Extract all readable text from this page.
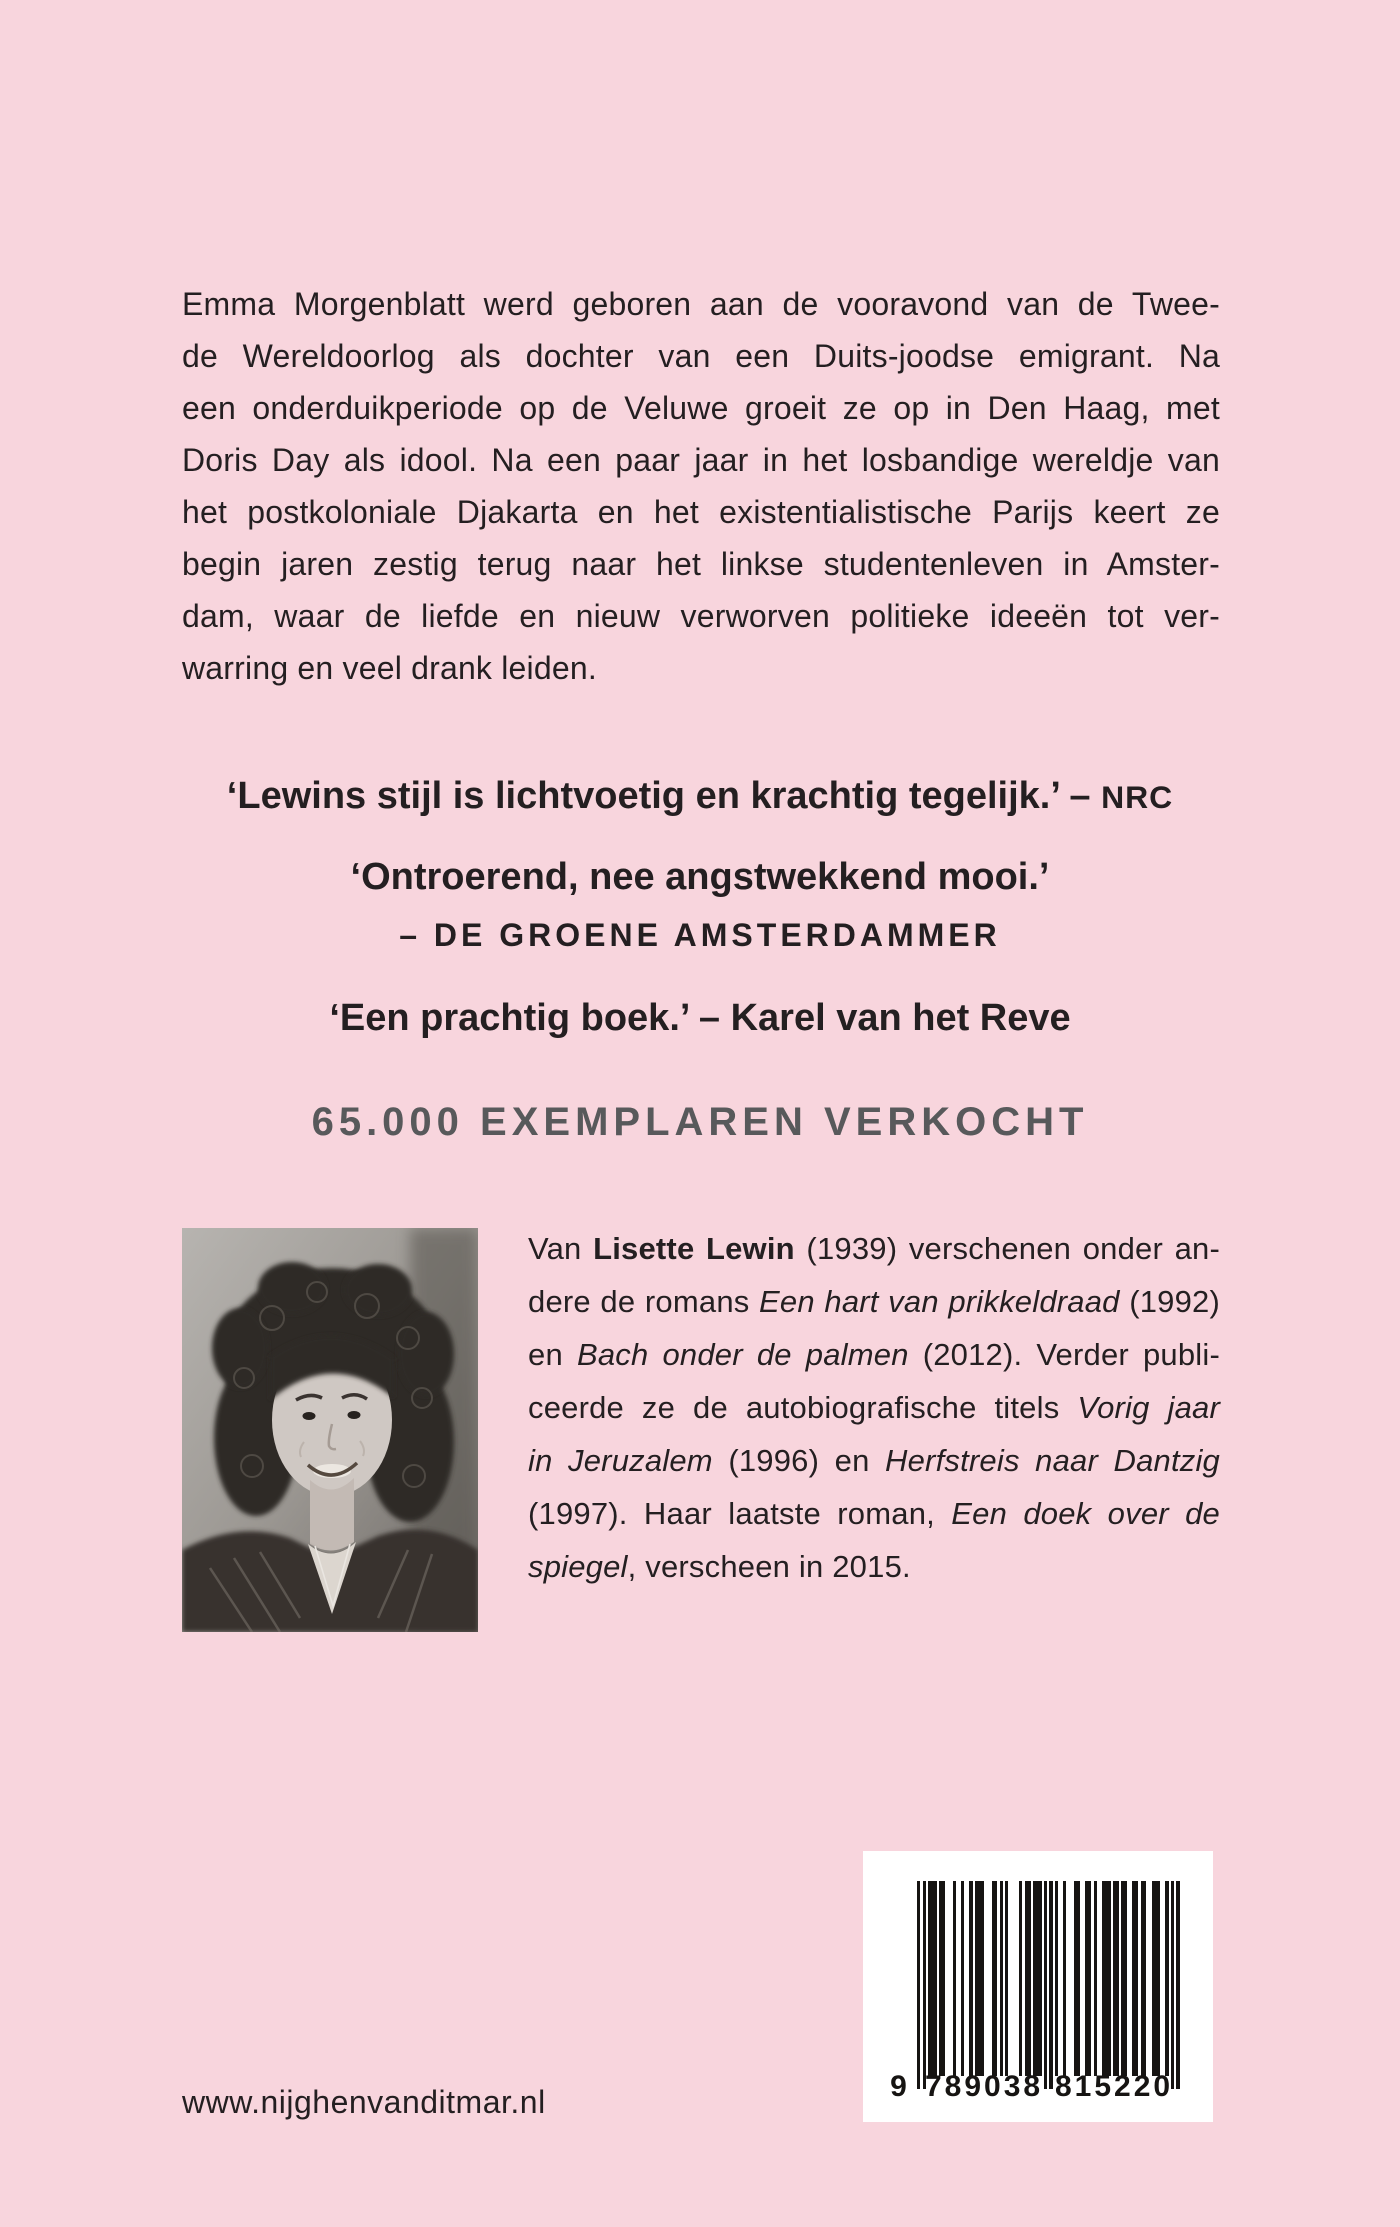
Emma Morgenblatt werd geboren aan de vooravond van de Twee-
de Wereldoorlog als dochter van een Duits-joodse emigrant. Na
een onderduikperiode op de Veluwe groeit ze op in Den Haag, met
Doris Day als idool. Na een paar jaar in het losbandige wereldje van
het postkoloniale Djakarta en het existentialistische Parijs keert ze
begin jaren zestig terug naar het linkse studentenleven in Amster-
dam, waar de liefde en nieuw verworven politieke ideeën tot ver-
warring en veel drank leiden.
‘Lewins stijl is lichtvoetig en krachtig tegelijk.’ – NRC
‘Ontroerend, nee angstwekkend mooi.’
– DE GROENE AMSTERDAMMER
‘Een prachtig boek.’ – Karel van het Reve
65.000 EXEMPLAREN VERKOCHT
Van Lisette Lewin (1939) verschenen onder an-
dere de romans Een hart van prikkeldraad (1992)
en Bach onder de palmen (2012). Verder publi-
ceerde ze de autobiografische titels Vorig jaar
in Jeruzalem (1996) en Herfstreis naar Dantzig
(1997). Haar laatste roman, Een doek over de
spiegel, verscheen in 2015.
www.nijghenvanditmar.nl	9 789038 815220
